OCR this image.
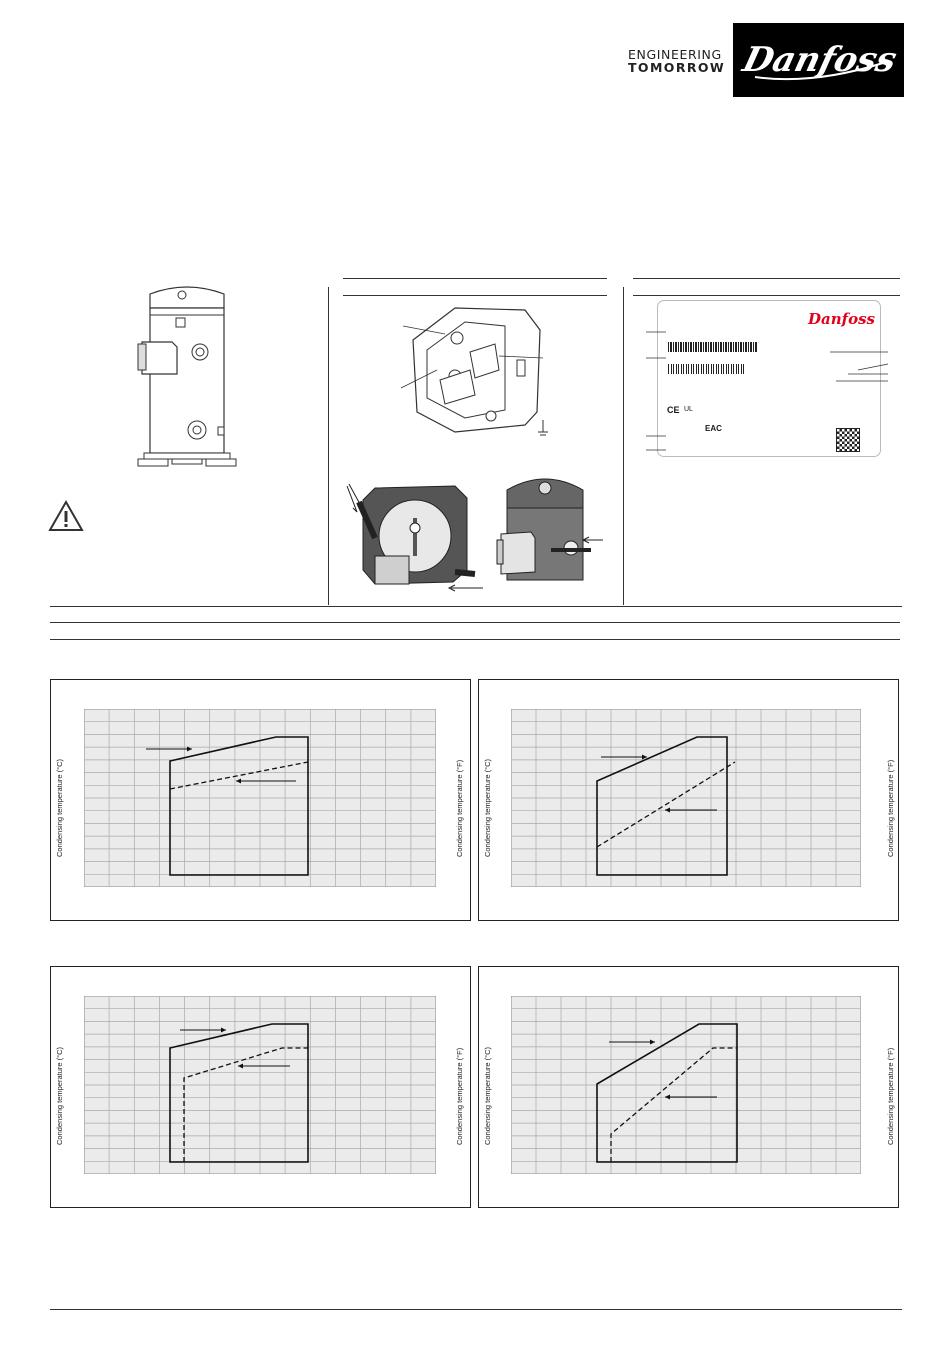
ENGINEERING
TOMORROW Danfoss
Danfoss
CE UL
EAC
Condensing temperature (°C)	Condensing temperature (°F)	Condensing temperature (°C)	Condensing temperature (°F)
Condensing temperature (°C)	Condensing temperature (°F)	Condensing temperature (°C)	Condensing temperature (°F)
